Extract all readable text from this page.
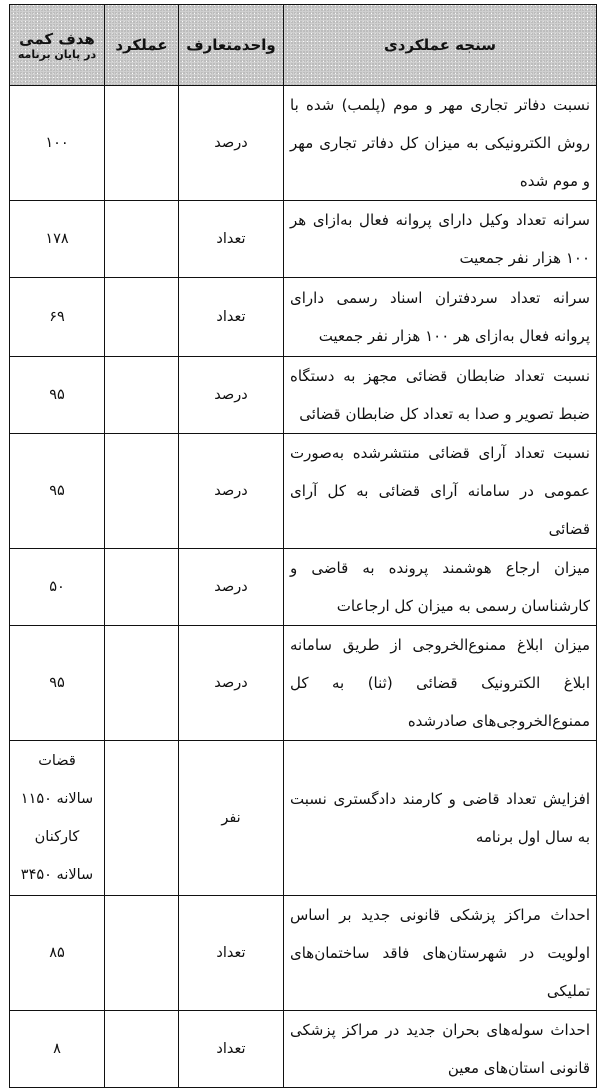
سنجه عملکردی	واحدمتعارف	عملکرد	هدف کمی
در پایان برنامه

نسبت دفاتر تجاری مهر و موم (پلمب) شده با روش الکترونیکی به میزان کل دفاتر تجاری مهر و موم شده	درصد		۱۰۰

سرانه تعداد وکیل دارای پروانه فعال به‌ازای هر ۱۰۰ هزار نفر جمعیت	تعداد		۱۷۸

سرانه تعداد سردفتران اسناد رسمی دارای پروانه فعال به‌ازای هر ۱۰۰ هزار نفر جمعیت	تعداد		۶۹

نسبت تعداد ضابطان قضائی مجهز به دستگاه ضبط تصویر و صدا به تعداد کل ضابطان قضائی	درصد		۹۵

نسبت تعداد آرای قضائی منتشرشده به‌صورت عمومی در سامانه آرای قضائی به کل آرای قضائی	درصد		۹۵

میزان ارجاع هوشمند پرونده به قاضی و کارشناسان رسمی به میزان کل ارجاعات	درصد		۵۰

میزان ابلاغ ممنوع‌الخروجی از طریق سامانه ابلاغ الکترونیک قضائی (ثنا) به کل ممنوع‌الخروجی‌های صادرشده	درصد		۹۵

افزایش تعداد قاضی و کارمند دادگستری نسبت به سال اول برنامه	نفر		قضات
سالانه ۱۱۵۰
کارکنان
سالانه ۳۴۵۰

احداث مراکز پزشکی قانونی جدید بر اساس اولویت در شهرستان‌های فاقد ساختمان‌های تملیکی	تعداد		۸۵

احداث سوله‌های بحران جدید در مراکز پزشکی قانونی استان‌های معین	تعداد		۸
